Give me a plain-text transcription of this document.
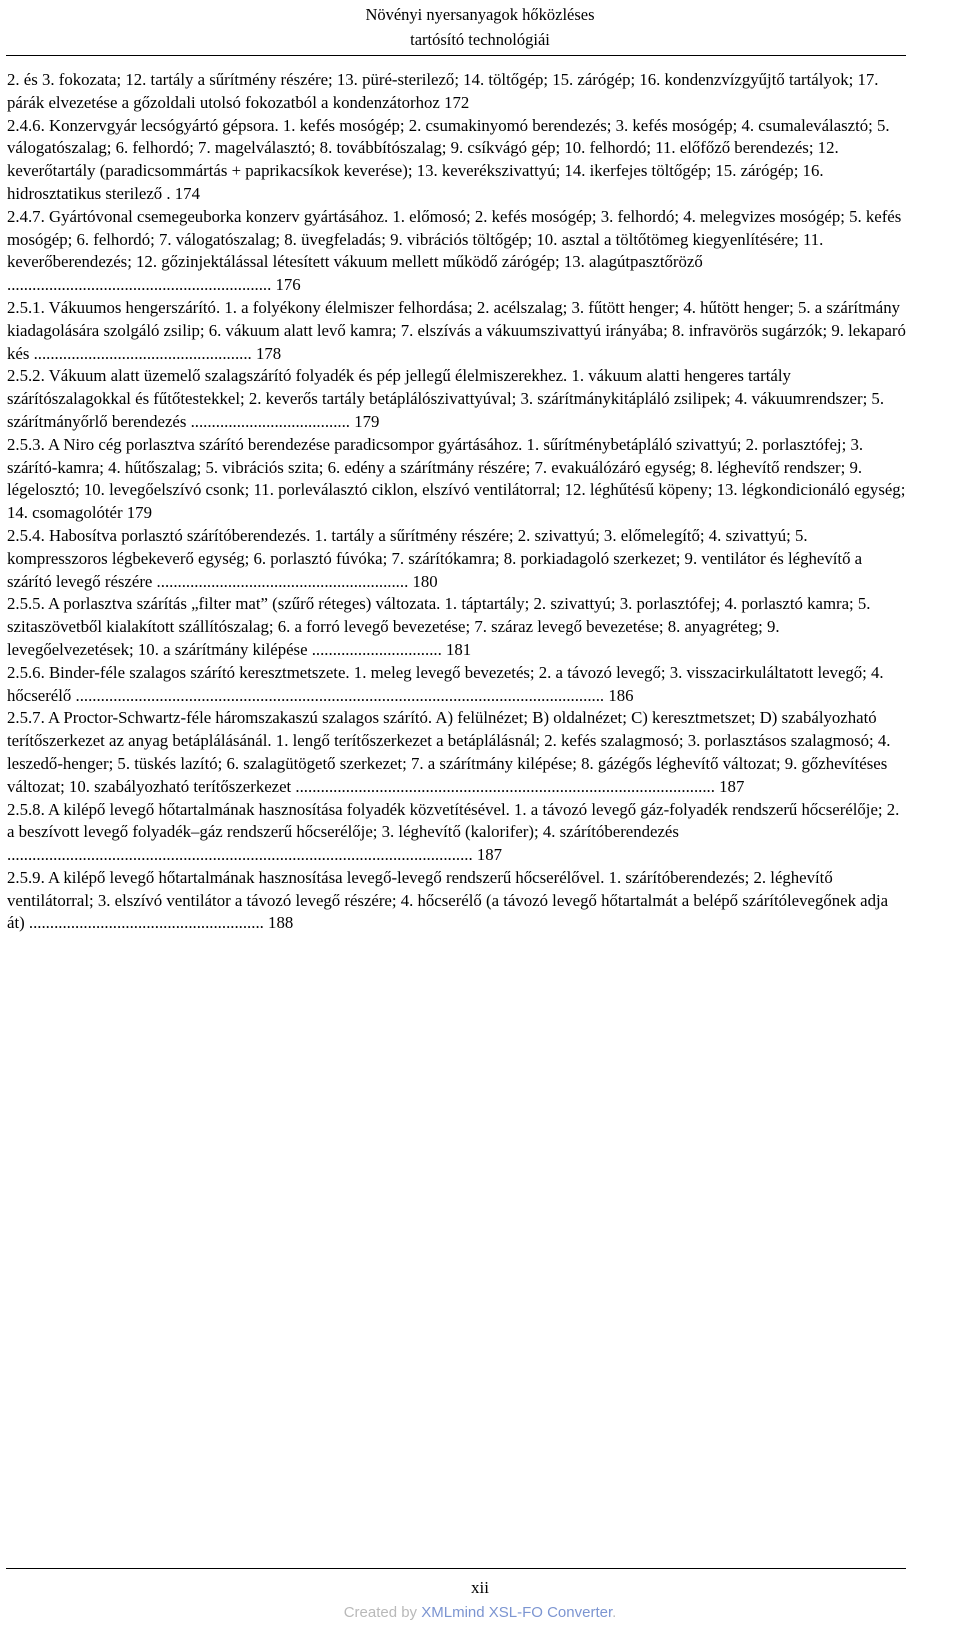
Növényi nyersanyagok hőközléses
tartósító technológiái

2. és 3. fokozata; 12. tartály a sűrítmény részére; 13. püré-sterilező; 14. töltőgép; 15. zárógép; 16. kondenzvízgyűjtő tartályok; 17. párák elvezetése a gőzoldali utolsó fokozatból a kondenzátorhoz 172

2.4.6. Konzervgyár lecsógyártó gépsora. 1. kefés mosógép; 2. csumakinyomó berendezés; 3. kefés mosógép; 4. csumaleválasztó; 5. válogatószalag; 6. felhordó; 7. magelválasztó; 8. továbbítószalag; 9. csíkvágó gép; 10. felhordó; 11. előfőző berendezés; 12. keverőtartály (paradicsommártás + paprikacsíkok keverése); 13. keverékszivattyú; 14. ikerfejes töltőgép; 15. zárógép; 16. hidrosztatikus sterilező . 174

2.4.7. Gyártóvonal csemegeuborka konzerv gyártásához. 1. előmosó; 2. kefés mosógép; 3. felhordó; 4. melegvizes mosógép; 5. kefés mosógép; 6. felhordó; 7. válogatószalag; 8. üvegfeladás; 9. vibrációs töltőgép; 10. asztal a töltőtömeg kiegyenlítésére; 11. keverőberendezés; 12. gőzinjektálással létesített vákuum mellett működő zárógép; 13. alagútpasztőröző ............................................................... 176

2.5.1. Vákuumos hengerszárító. 1. a folyékony élelmiszer felhordása; 2. acélszalag; 3. fűtött henger; 4. hűtött henger; 5. a szárítmány kiadagolására szolgáló zsilip; 6. vákuum alatt levő kamra; 7. elszívás a vákuumszivattyú irányába; 8. infravörös sugárzók; 9. lekaparó kés .................................................... 178

2.5.2. Vákuum alatt üzemelő szalagszárító folyadék és pép jellegű élelmiszerekhez. 1. vákuum alatti hengeres tartály szárítószalagokkal és fűtőtestekkel; 2. keverős tartály betáplálószivattyúval; 3. szárítmánykitápláló zsilipek; 4. vákuumrendszer; 5. szárítmányőrlő berendezés ...................................... 179

2.5.3. A Niro cég porlasztva szárító berendezése paradicsompor gyártásához. 1. sűrítménybetápláló szivattyú; 2. porlasztófej; 3. szárító-kamra; 4. hűtőszalag; 5. vibrációs szita; 6. edény a szárítmány részére; 7. evakuálózáró egység; 8. léghevítő rendszer; 9. légelosztó; 10. levegőelszívó csonk; 11. porleválasztó ciklon, elszívó ventilátorral; 12. léghűtésű köpeny; 13. légkondicionáló egység; 14. csomagolótér 179

2.5.4. Habosítva porlasztó szárítóberendezés. 1. tartály a sűrítmény részére; 2. szivattyú; 3. előmelegítő; 4. szivattyú; 5. kompresszoros légbekeverő egység; 6. porlasztó fúvóka; 7. szárítókamra; 8. porkiadagoló szerkezet; 9. ventilátor és léghevítő a szárító levegő részére ............................................................ 180

2.5.5. A porlasztva szárítás „filter mat” (szűrő réteges) változata. 1. táptartály; 2. szivattyú; 3. porlasztófej; 4. porlasztó kamra; 5. szitaszövetből kialakított szállítószalag; 6. a forró levegő bevezetése; 7. száraz levegő bevezetése; 8. anyagréteg; 9. levegőelvezetések; 10. a szárítmány kilépése ............................... 181

2.5.6. Binder-féle szalagos szárító keresztmetszete. 1. meleg levegő bevezetés; 2. a távozó levegő; 3. visszacirkuláltatott levegő; 4. hőcserélő .............................................................................................................................. 186

2.5.7. A Proctor-Schwartz-féle háromszakaszú szalagos szárító. A) felülnézet; B) oldalnézet; C) keresztmetszet; D) szabályozható terítőszerkezet az anyag betáplálásánál. 1. lengő terítőszerkezet a betáplálásnál; 2. kefés szalagmosó; 3. porlasztásos szalagmosó; 4. leszedő-henger; 5. tüskés lazító; 6. szalagütögető szerkezet; 7. a szárítmány kilépése; 8. gázégős léghevítő változat; 9. gőzhevítéses változat; 10. szabályozható terítőszerkezet .................................................................................................... 187

2.5.8. A kilépő levegő hőtartalmának hasznosítása folyadék közvetítésével. 1. a távozó levegő gáz-folyadék rendszerű hőcserélője; 2. a beszívott levegő folyadék–gáz rendszerű hőcserélője; 3. léghevítő (kalorifer); 4. szárítóberendezés ............................................................................................................... 187

2.5.9. A kilépő levegő hőtartalmának hasznosítása levegő-levegő rendszerű hőcserélővel. 1. szárítóberendezés; 2. léghevítő ventilátorral; 3. elszívó ventilátor a távozó levegő részére; 4. hőcserélő (a távozó levegő hőtartalmát a belépő szárítólevegőnek adja át) ........................................................ 188

xii
Created by XMLmind XSL-FO Converter.
